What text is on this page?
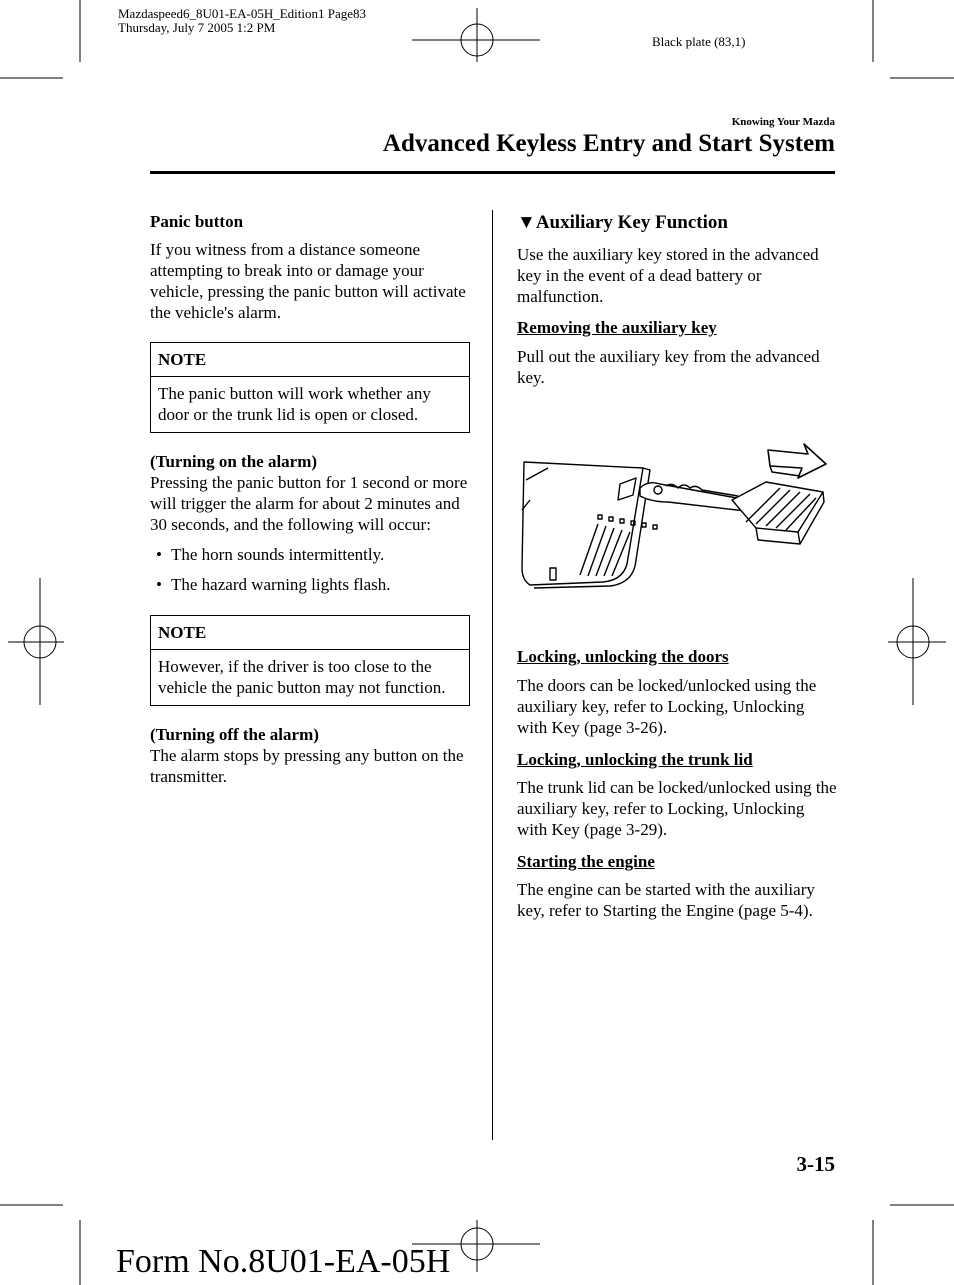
Mazdaspeed6_8U01-EA-05H_Edition1 Page83
Thursday, July 7 2005 1:2 PM
Black plate (83,1)
Knowing Your Mazda
Advanced Keyless Entry and Start System
Panic button

If you witness from a distance someone attempting to break into or damage your vehicle, pressing the panic button will activate the vehicle's alarm.

NOTE
The panic button will work whether any door or the trunk lid is open or closed.
(Turning on the alarm)

Pressing the panic button for 1 second or more will trigger the alarm for about 2 minutes and 30 seconds, and the following will occur:

• The horn sounds intermittently.
• The hazard warning lights flash.
NOTE
However, if the driver is too close to the vehicle the panic button may not function.
(Turning off the alarm)

The alarm stops by pressing any button on the transmitter.

▼Auxiliary Key Function

Use the auxiliary key stored in the advanced key in the event of a dead battery or malfunction.

Removing the auxiliary key

Pull out the auxiliary key from the advanced key.

Locking, unlocking the doors

The doors can be locked/unlocked using the auxiliary key, refer to Locking, Unlocking with Key (page 3-26).

Locking, unlocking the trunk lid

The trunk lid can be locked/unlocked using the auxiliary key, refer to Locking, Unlocking with Key (page 3-29).

Starting the engine

The engine can be started with the auxiliary key, refer to Starting the Engine (page 5-4).

3-15
Form No.8U01-EA-05H
